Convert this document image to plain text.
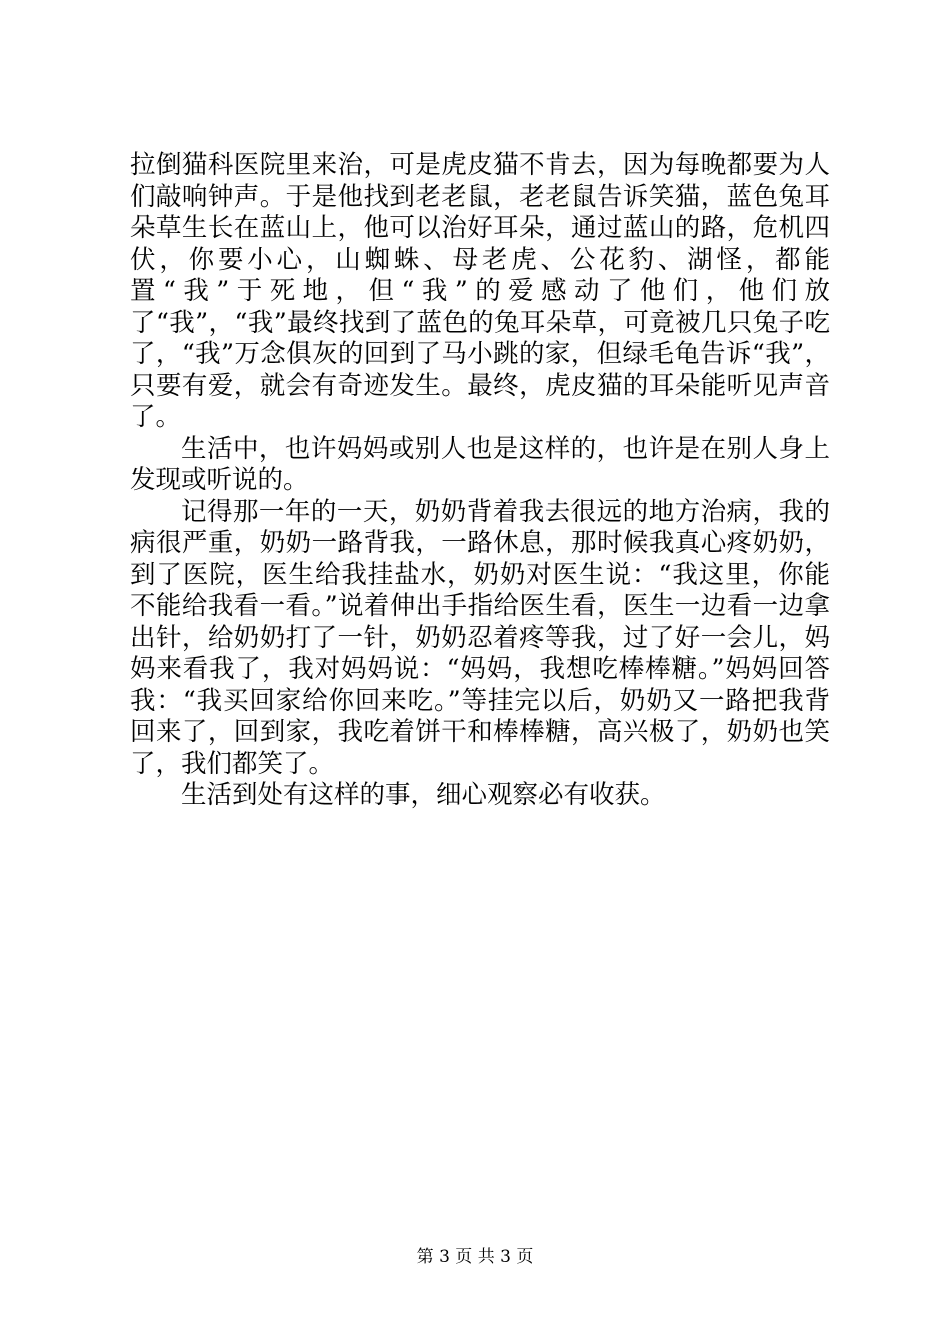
拉倒猫科医院里来治，可是虎皮猫不肯去，因为每晚都要为人们敲响钟声。于是他找到老老鼠，老老鼠告诉笑猫，蓝色兔耳朵草生长在蓝山上，他可以治好耳朵，通过蓝山的路，危机四伏，你要小心，山蜘蛛、母老虎、公花豹、湖怪，都能置“我”于死地，但“我”的爱感动了他们，他们放了“我”，“我”最终找到了蓝色的兔耳朵草，可竟被几只兔子吃了，“我”万念俱灰的回到了马小跳的家，但绿毛龟告诉“我”，只要有爱，就会有奇迹发生。最终，虎皮猫的耳朵能听见声音了。

生活中，也许妈妈或别人也是这样的，也许是在别人身上发现或听说的。

记得那一年的一天，奶奶背着我去很远的地方治病，我的病很严重，奶奶一路背我，一路休息，那时候我真心疼奶奶，到了医院，医生给我挂盐水，奶奶对医生说：“我这里，你能不能给我看一看。”说着伸出手指给医生看，医生一边看一边拿出针，给奶奶打了一针，奶奶忍着疼等我，过了好一会儿，妈妈来看我了，我对妈妈说：“妈妈，我想吃棒棒糖。”妈妈回答我：“我买回家给你回来吃。”等挂完以后，奶奶又一路把我背回来了，回到家，我吃着饼干和棒棒糖，高兴极了，奶奶也笑了，我们都笑了。

生活到处有这样的事，细心观察必有收获。

第 3 页 共 3 页
